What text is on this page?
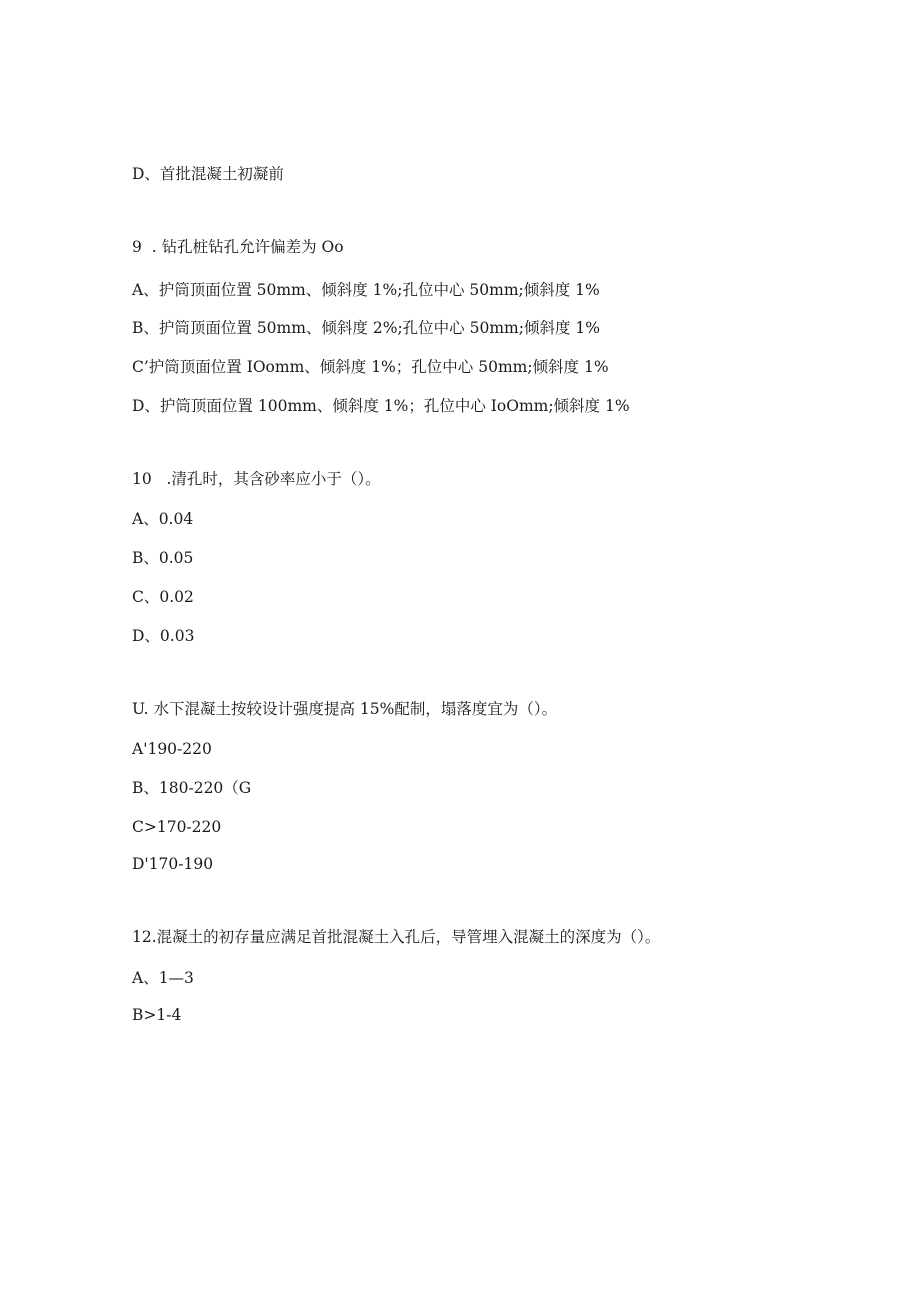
D、首批混凝土初凝前

9  . 钻孔桩钻孔允许偏差为 Oo

A、护筒顶面位置 50mm、倾斜度 1%;孔位中心 50mm;倾斜度 1%

B、护筒顶面位置 50mm、倾斜度 2%;孔位中心 50mm;倾斜度 1%

C’护筒顶面位置 IOomm、倾斜度 1%；孔位中心 50mm;倾斜度 1%

D、护筒顶面位置 100mm、倾斜度 1%；孔位中心 IoOmm;倾斜度 1%

10   .清孔时，其含砂率应小于（）。

A、0.04

B、0.05

C、0.02

D、0.03

U. 水下混凝土按较设计强度提高 15%配制，塌落度宜为（）。

A'190-220

B、180-220（G

C>170-220

D'170-190

12.混凝土的初存量应满足首批混凝土入孔后，导管埋入混凝土的深度为（）。

A、1—3

B>1-4
